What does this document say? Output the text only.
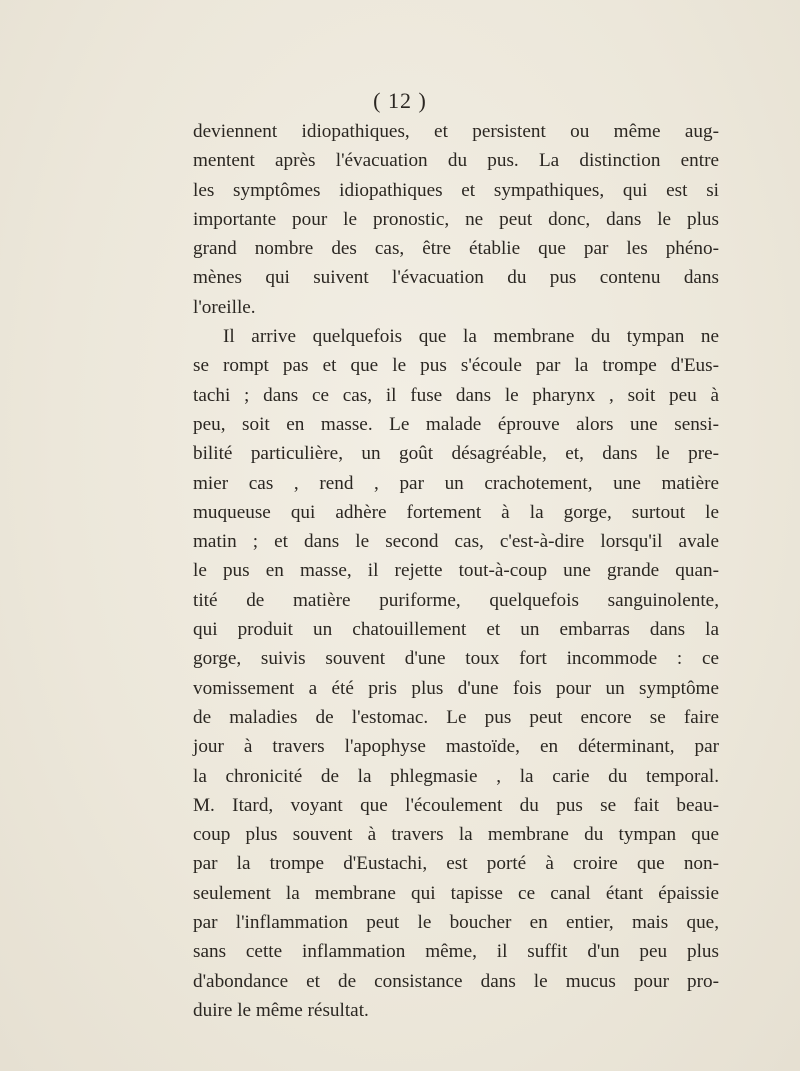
( 12 )

deviennent idiopathiques, et persistent ou même aug-
mentent après l'évacuation du pus. La distinction entre
les symptômes idiopathiques et sympathiques, qui est si
importante pour le pronostic, ne peut donc, dans le plus
grand nombre des cas, être établie que par les phéno-
mènes qui suivent l'évacuation du pus contenu dans
l'oreille.

Il arrive quelquefois que la membrane du tympan ne
se rompt pas et que le pus s'écoule par la trompe d'Eus-
tachi ; dans ce cas, il fuse dans le pharynx , soit peu à
peu, soit en masse. Le malade éprouve alors une sensi-
bilité particulière, un goût désagréable, et, dans le pre-
mier cas , rend , par un crachotement, une matière
muqueuse qui adhère fortement à la gorge, surtout le
matin ; et dans le second cas, c'est-à-dire lorsqu'il avale
le pus en masse, il rejette tout-à-coup une grande quan-
tité de matière puriforme, quelquefois sanguinolente,
qui produit un chatouillement et un embarras dans la
gorge, suivis souvent d'une toux fort incommode : ce
vomissement a été pris plus d'une fois pour un symptôme
de maladies de l'estomac. Le pus peut encore se faire
jour à travers l'apophyse mastoïde, en déterminant, par
la chronicité de la phlegmasie , la carie du temporal.
M. Itard, voyant que l'écoulement du pus se fait beau-
coup plus souvent à travers la membrane du tympan que
par la trompe d'Eustachi, est porté à croire que non-
seulement la membrane qui tapisse ce canal étant épaissie
par l'inflammation peut le boucher en entier, mais que,
sans cette inflammation même, il suffit d'un peu plus
d'abondance et de consistance dans le mucus pour pro-
duire le même résultat.
